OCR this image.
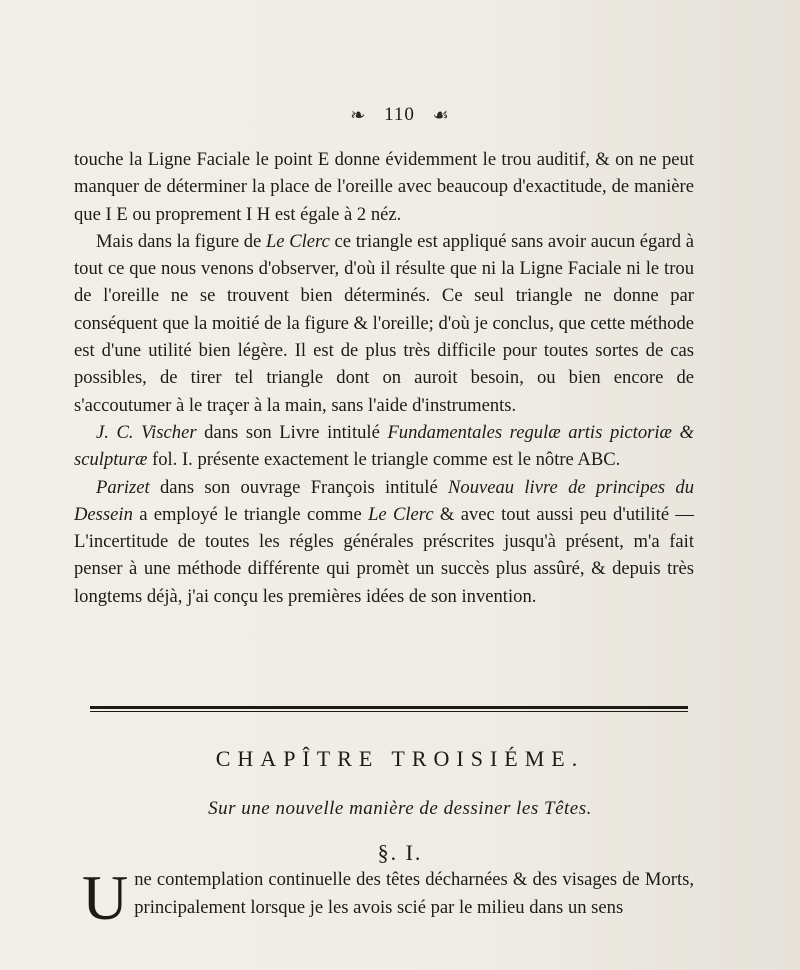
❧ 110 ☙

touche la Ligne Faciale le point E donne évidemment le trou auditif, & on ne peut manquer de déterminer la place de l'oreille avec beaucoup d'exactitude, de manière que I E ou proprement I H est égale à 2 néz.

Mais dans la figure de Le Clerc ce triangle est appliqué sans avoir aucun égard à tout ce que nous venons d'observer, d'où il résulte que ni la Ligne Faciale ni le trou de l'oreille ne se trouvent bien déterminés. Ce seul triangle ne donne par conséquent que la moitié de la figure & l'oreille; d'où je conclus, que cette méthode est d'une utilité bien légère. Il est de plus très difficile pour toutes sortes de cas possibles, de tirer tel triangle dont on auroit besoin, ou bien encore de s'accoutumer à le traçer à la main, sans l'aide d'instruments.

J. C. Vischer dans son Livre intitulé Fundamentales regulæ artis pictoriæ & sculpturæ fol. I. présente exactement le triangle comme est le nôtre ABC.

Parizet dans son ouvrage François intitulé Nouveau livre de principes du Dessein a employé le triangle comme Le Clerc & avec tout aussi peu d'utilité — L'incertitude de toutes les régles générales préscrites jusqu'à présent, m'a fait penser à une méthode différente qui promèt un succès plus assûré, & depuis très longtems déjà, j'ai conçu les premières idées de son invention.

CHAPÎTRE TROISIÉME.
Sur une nouvelle manière de dessiner les Têtes.
§. I.
Une contemplation continuelle des têtes décharnées & des visages de Morts, principalement lorsque je les avois scié par le milieu dans un sens
